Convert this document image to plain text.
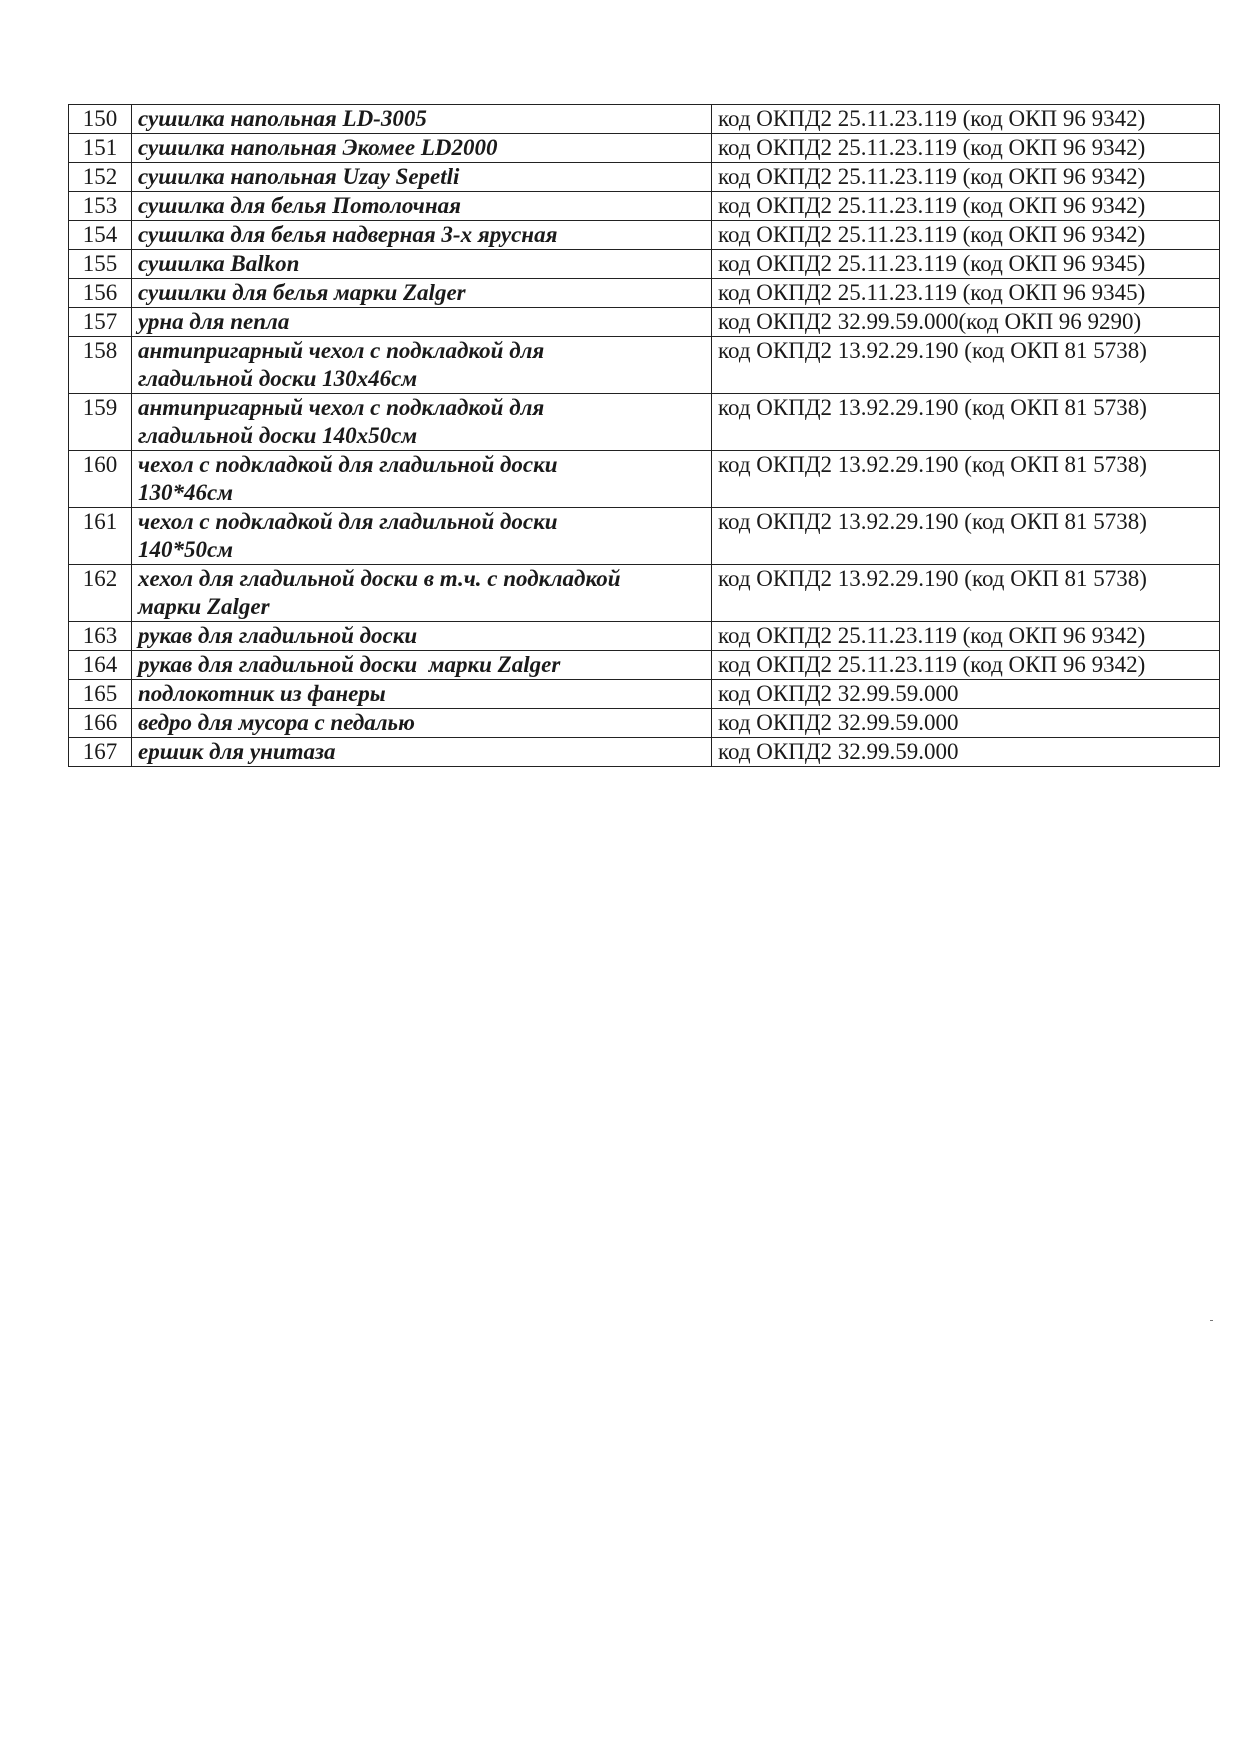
150	сушилка напольная LD-3005	код ОКПД2 25.11.23.119 (код ОКП 96 9342)
151	сушилка напольная Экомее LD2000	код ОКПД2 25.11.23.119 (код ОКП 96 9342)
152	сушилка напольная Uzay Sepetli	код ОКПД2 25.11.23.119 (код ОКП 96 9342)
153	сушилка для белья Потолочная	код ОКПД2 25.11.23.119 (код ОКП 96 9342)
154	сушилка для белья надверная 3-х ярусная	код ОКПД2 25.11.23.119 (код ОКП 96 9342)
155	сушилка Balkon	код ОКПД2 25.11.23.119 (код ОКП 96 9345)
156	сушилки для белья марки Zalger	код ОКПД2 25.11.23.119 (код ОКП 96 9345)
157	урна для пепла	код ОКПД2 32.99.59.000(код ОКП 96 9290)
158	антипригарный чехол с подкладкой для
гладильной доски 130х46см	код ОКПД2 13.92.29.190 (код ОКП 81 5738)
159	антипригарный чехол с подкладкой для
гладильной доски 140х50см	код ОКПД2 13.92.29.190 (код ОКП 81 5738)
160	чехол с подкладкой для гладильной доски
130*46см	код ОКПД2 13.92.29.190 (код ОКП 81 5738)
161	чехол с подкладкой для гладильной доски
140*50см	код ОКПД2 13.92.29.190 (код ОКП 81 5738)
162	хехол для гладильной доски в т.ч. с подкладкой
марки Zalger	код ОКПД2 13.92.29.190 (код ОКП 81 5738)
163	рукав для гладильной доски	код ОКПД2 25.11.23.119 (код ОКП 96 9342)
164	рукав для гладильной доски  марки Zalger	код ОКПД2 25.11.23.119 (код ОКП 96 9342)
165	подлокотник из фанеры	код ОКПД2 32.99.59.000
166	ведро для мусора с педалью	код ОКПД2 32.99.59.000
167	ершик для унитаза	код ОКПД2 32.99.59.000
